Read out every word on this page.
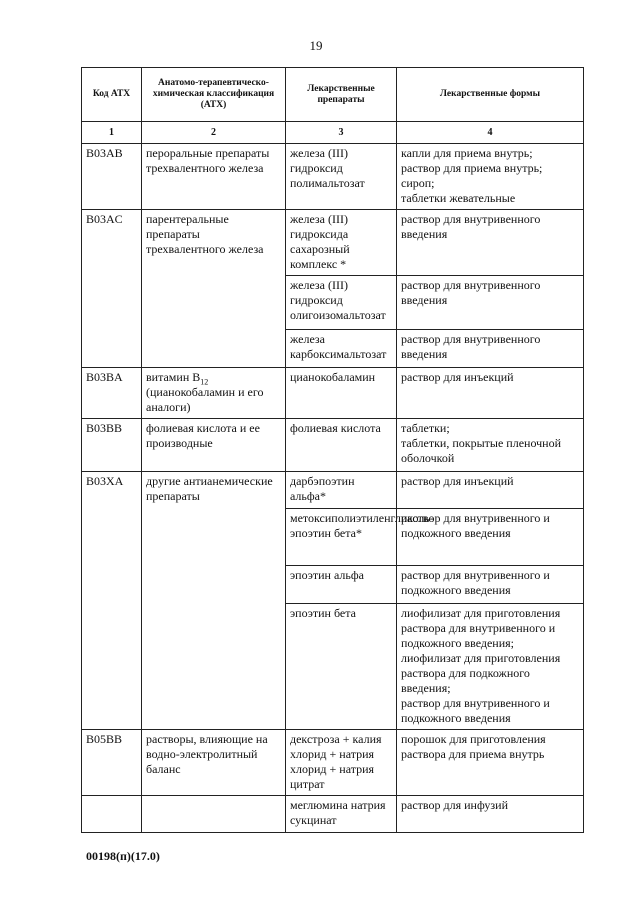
19
Код АТХ	Анатомо-терапевтическо-химическая классификация (АТХ)	Лекарственные препараты	Лекарственные формы
1	2	3	4
B03AB	пероральные препараты трехвалентного железа	железа (III) гидроксид полимальтозат	капли для приема внутрь;
раствор для приема внутрь;
сироп;
таблетки жевательные

B03AC	парентеральные препараты трехвалентного железа	железа (III) гидроксида сахарозный комплекс *	раствор для внутривенного введения
		железа (III) гидроксид олигоизомальтозат	раствор для внутривенного введения
		железа карбоксимальтозат	раствор для внутривенного введения
B03BA	витамин $B_{12}$ (цианокобаламин и его аналоги)	цианокобаламин	раствор для инъекций
B03BB	фолиевая кислота и ее производные	фолиевая кислота	таблетки;
таблетки, покрытые пленочной оболочкой

B03XA	другие антианемические препараты	дарбэпоэтин альфа*	раствор для инъекций
		метоксиполиэтиленгликоль-эпоэтин бета*	раствор для внутривенного и подкожного введения
		эпоэтин альфа	раствор для внутривенного и подкожного введения
		эпоэтин бета	лиофилизат для приготовления раствора для внутривенного и подкожного введения;
лиофилизат для приготовления раствора для подкожного введения;
раствор для внутривенного и подкожного введения

B05BB	растворы, влияющие на водно-электролитный баланс	декстроза + калия хлорид + натрия хлорид + натрия цитрат	порошок для приготовления раствора для приема внутрь
		меглюмина натрия сукцинат	раствор для инфузий
00198(п)(17.0)
